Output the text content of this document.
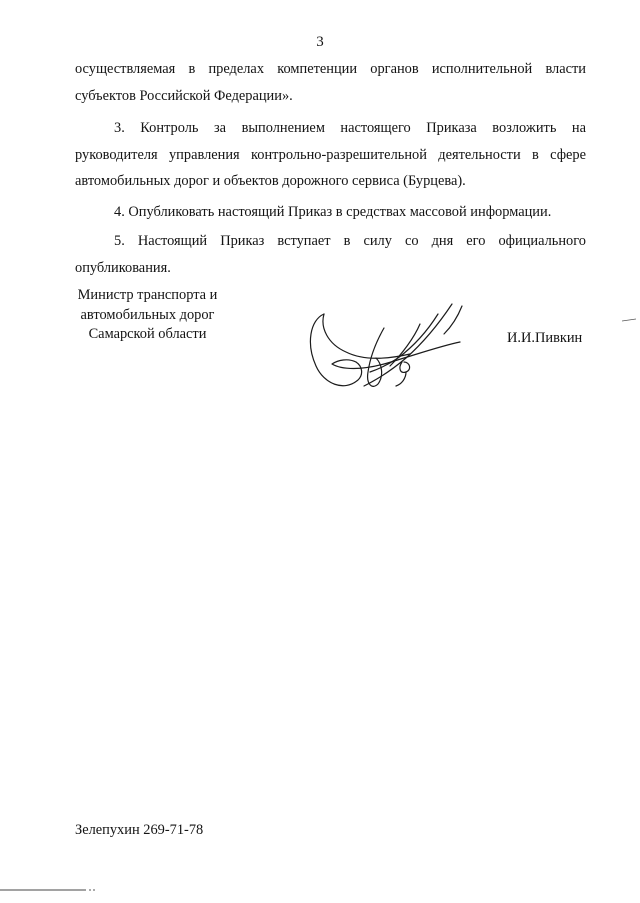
3

осуществляемая в пределах компетенции органов исполнительной власти субъектов Российской Федерации».

3. Контроль за выполнением настоящего Приказа возложить на руководителя управления контрольно-разрешительной деятельности в сфере автомобильных дорог и объектов дорожного сервиса (Бурцева).

4. Опубликовать настоящий Приказ в средствах массовой информации.

5. Настоящий Приказ вступает в силу со дня его официального опубликования.

Министр транспорта и
автомобильных дорог
Самарской области	И.И.Пивкин
Зелепухин 269-71-78
